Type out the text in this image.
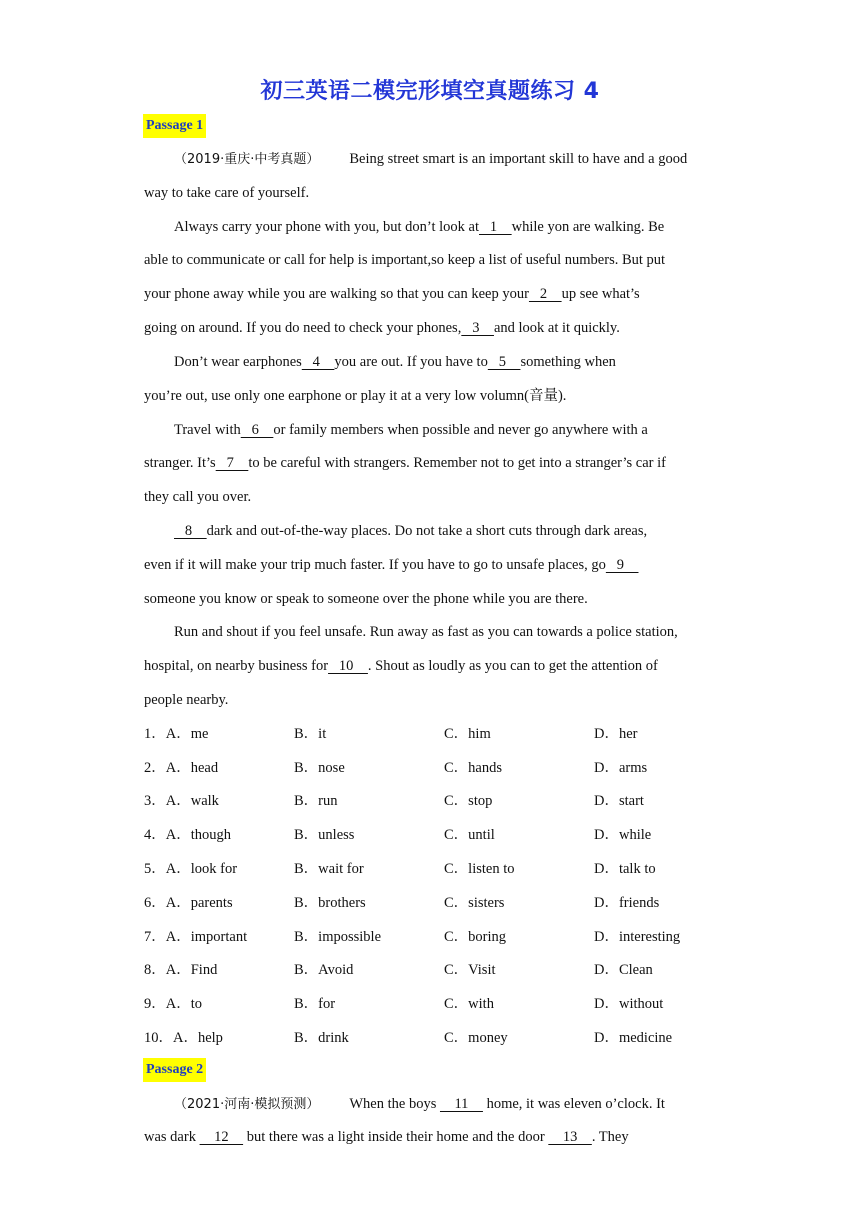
初三英语二模完形填空真题练习 4
Passage 1
（2019·重庆·中考真题） Being street smart is an important skill to have and a good
way to take care of yourself.
Always carry your phone with you, but don’t look at   1    while yon are walking. Be
able to communicate or call for help is important,so keep a list of useful numbers. But put
your phone away while you are walking so that you can keep your   2    up see what’s
going on around. If you do need to check your phones,   3    and look at it quickly.
Don’t wear earphones   4    you are out. If you have to   5    something when
you’re out, use only one earphone or play it at a very low volumn(音量).
Travel with   6    or family members when possible and never go anywhere with a
stranger. It’s   7    to be careful with strangers. Remember not to get into a stranger’s car if
they call you over.
8    dark and out-of-the-way places. Do not take a short cuts through dark areas,
even if it will make your trip much faster. If you have to go to unsafe places, go   9
someone you know or speak to someone over the phone while you are there.
Run and shout if you feel unsafe. Run away as fast as you can towards a police station,
hospital, on nearby business for   10    . Shout as loudly as you can to get the attention of
people nearby.
1．A．me	B．it	C．him	D．her
2．A．head	B．nose	C．hands	D．arms
3．A．walk	B．run	C．stop	D．start
4．A．though	B．unless	C．until	D．while
5．A．look for	B．wait for	C．listen to	D．talk to
6．A．parents	B．brothers	C．sisters	D．friends
7．A．important	B．impossible	C．boring	D．interesting
8．A．Find	B．Avoid	C．Visit	D．Clean
9．A．to	B．for	C．with	D．without
10．A．help	B．drink	C．money	D．medicine
Passage 2
（2021·河南·模拟预测） When the boys     11     home, it was eleven o’clock. It
was dark     12     but there was a light inside their home and the door     13    . They
